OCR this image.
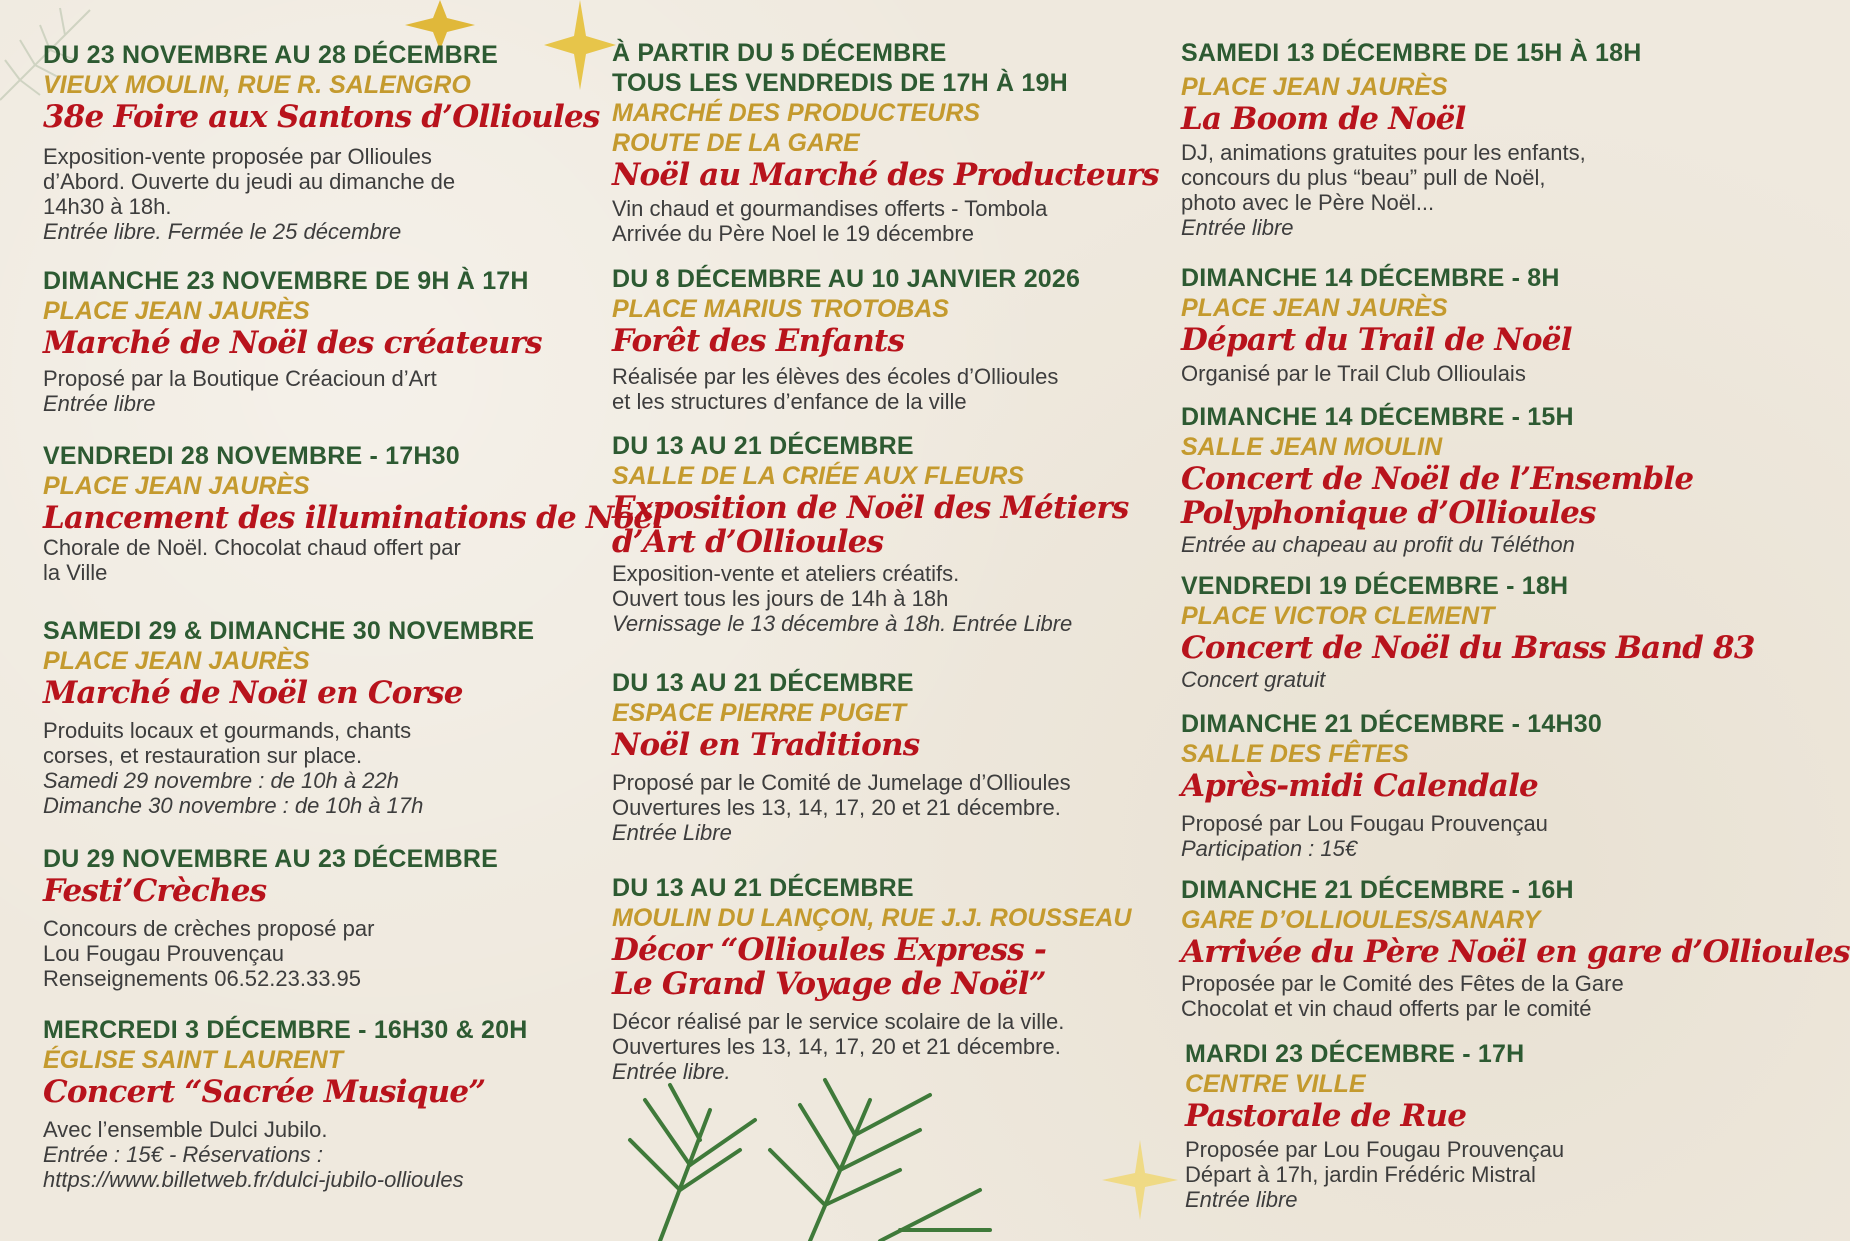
DU 23 NOVEMBRE AU 28 DÉCEMBRE
VIEUX MOULIN, RUE R. SALENGRO
38e Foire aux Santons d’Ollioules
Exposition-vente proposée par Ollioules
d’Abord. Ouverte du jeudi au dimanche de
14h30 à 18h.
Entrée libre. Fermée le 25 décembre
DIMANCHE 23 NOVEMBRE DE 9H À 17H
PLACE JEAN JAURÈS
Marché de Noël des créateurs
Proposé par la Boutique Créacioun d’Art
Entrée libre
VENDREDI 28 NOVEMBRE - 17H30
PLACE JEAN JAURÈS
Lancement des illuminations de Noël
Chorale de Noël. Chocolat chaud offert par
la Ville
SAMEDI 29 & DIMANCHE 30 NOVEMBRE
PLACE JEAN JAURÈS
Marché de Noël en Corse
Produits locaux et gourmands, chants
corses, et restauration sur place.
Samedi 29 novembre : de 10h à 22h
Dimanche 30 novembre : de 10h à 17h
DU 29 NOVEMBRE AU 23 DÉCEMBRE
Festi’Crèches
Concours de crèches proposé par
Lou Fougau Prouvençau
Renseignements 06.52.23.33.95
MERCREDI 3 DÉCEMBRE - 16H30 & 20H
ÉGLISE SAINT LAURENT
Concert “Sacrée Musique”
Avec l’ensemble Dulci Jubilo.
Entrée : 15€ - Réservations :
https://www.billetweb.fr/dulci-jubilo-ollioules
À PARTIR DU 5 DÉCEMBRE
TOUS LES VENDREDIS DE 17H À 19H
MARCHÉ DES PRODUCTEURS
ROUTE DE LA GARE
Noël au Marché des Producteurs
Vin chaud et gourmandises offerts - Tombola
Arrivée du Père Noel le 19 décembre
DU 8 DÉCEMBRE AU 10 JANVIER 2026
PLACE MARIUS TROTOBAS
Forêt des Enfants
Réalisée par les élèves des écoles d’Ollioules
et les structures d’enfance de la ville
DU 13 AU 21 DÉCEMBRE
SALLE DE LA CRIÉE AUX FLEURS
Exposition de Noël des Métiers
d’Art d’Ollioules
Exposition-vente et ateliers créatifs.
Ouvert tous les jours de 14h à 18h
Vernissage le 13 décembre à 18h. Entrée Libre
DU 13 AU 21 DÉCEMBRE
ESPACE PIERRE PUGET
Noël en Traditions
Proposé par le Comité de Jumelage d’Ollioules
Ouvertures les 13, 14, 17, 20 et 21 décembre.
Entrée Libre
DU 13 AU 21 DÉCEMBRE
MOULIN DU LANÇON, RUE J.J. ROUSSEAU
Décor “Ollioules Express -
Le Grand Voyage de Noël”
Décor réalisé par le service scolaire de la ville.
Ouvertures les 13, 14, 17, 20 et 21 décembre.
Entrée libre.
SAMEDI 13 DÉCEMBRE DE 15H À 18H
PLACE JEAN JAURÈS
La Boom de Noël
DJ, animations gratuites pour les enfants,
concours du plus “beau” pull de Noël,
photo avec le Père Noël...
Entrée libre
DIMANCHE 14 DÉCEMBRE - 8H
PLACE JEAN JAURÈS
Départ du Trail de Noël
Organisé par le Trail Club Ollioulais
DIMANCHE 14 DÉCEMBRE - 15H
SALLE JEAN MOULIN
Concert de Noël de l’Ensemble
Polyphonique d’Ollioules
Entrée au chapeau au profit du Téléthon
VENDREDI 19 DÉCEMBRE - 18H
PLACE VICTOR CLEMENT
Concert de Noël du Brass Band 83
Concert gratuit
DIMANCHE 21 DÉCEMBRE - 14H30
SALLE DES FÊTES
Après-midi Calendale
Proposé par Lou Fougau Prouvençau
Participation : 15€
DIMANCHE 21 DÉCEMBRE - 16H
GARE D’OLLIOULES/SANARY
Arrivée du Père Noël en gare d’Ollioules
Proposée par le Comité des Fêtes de la Gare
Chocolat et vin chaud offerts par le comité
MARDI 23 DÉCEMBRE - 17H
CENTRE VILLE
Pastorale de Rue
Proposée par Lou Fougau Prouvençau
Départ à 17h, jardin Frédéric Mistral
Entrée libre
